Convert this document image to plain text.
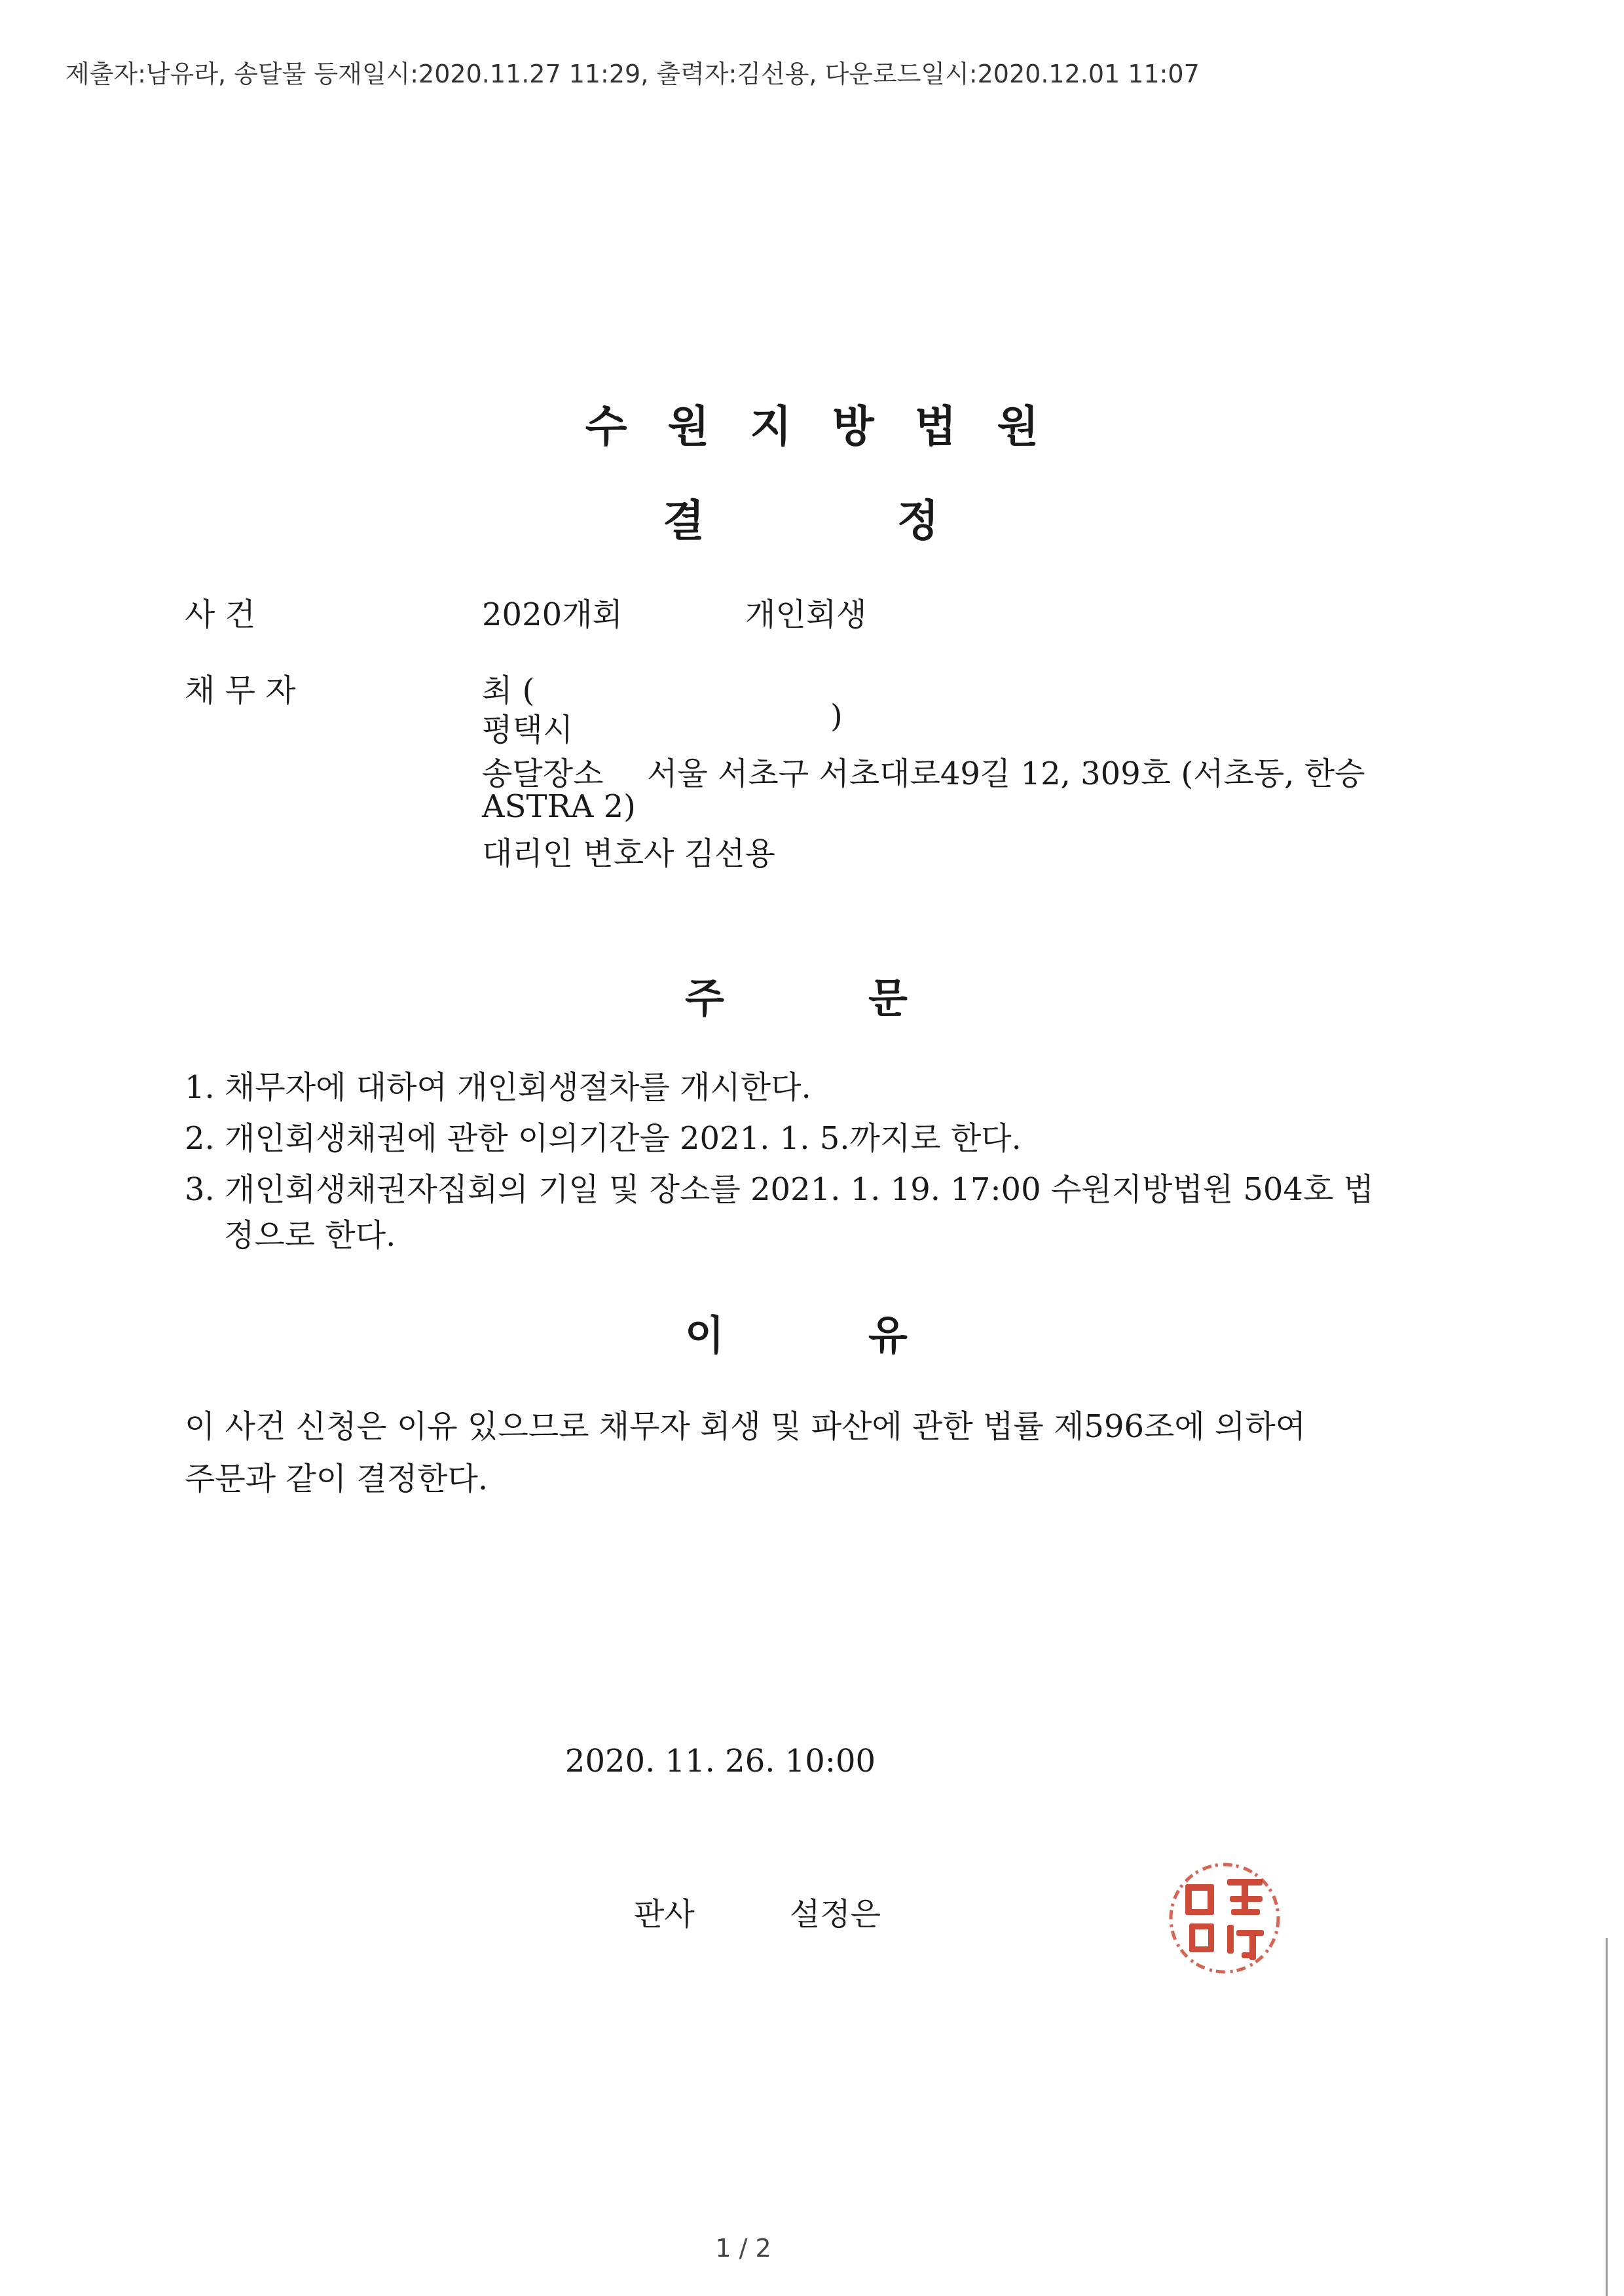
제출자:남유라, 송달물 등재일시:2020.11.27 11:29, 출력자:김선용, 다운로드일시:2020.12.01 11:07
수원지방법원
결	정
사 건	2020개회	개인회생
채 무 자	최 (
평택시	)
송달장소 서울 서초구 서초대로49길 12, 309호 (서초동, 한승
ASTRA 2)
대리인 변호사 김선용
주	문
1. 채무자에 대하여 개인회생절차를 개시한다.
2. 개인회생채권에 관한 이의기간을 2021. 1. 5.까지로 한다.
3. 개인회생채권자집회의 기일 및 장소를 2021. 1. 19. 17:00 수원지방법원 504호 법
정으로 한다.
이	유
이 사건 신청은 이유 있으므로 채무자 회생 및 파산에 관한 법률 제596조에 의하여
주문과 같이 결정한다.
2020. 11. 26. 10:00
판사	설정은
1 / 2
